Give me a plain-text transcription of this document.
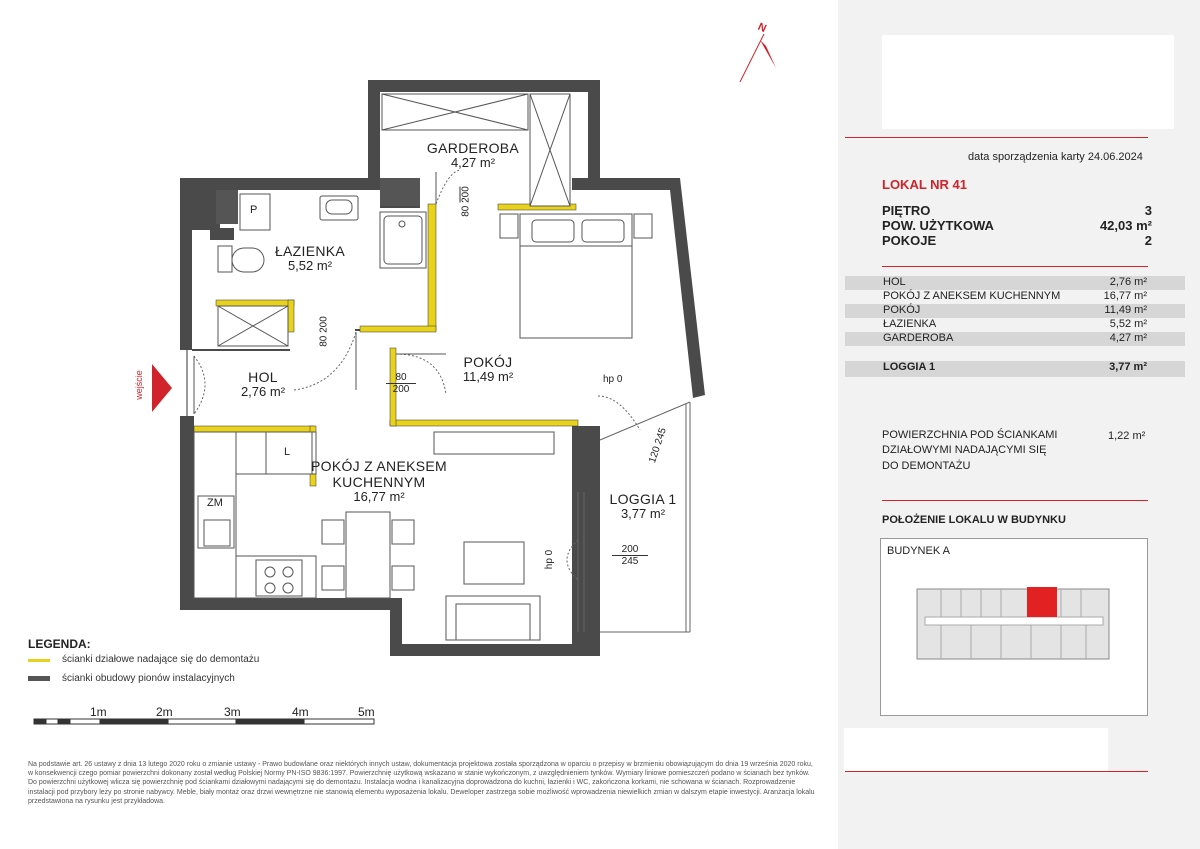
GARDEROBA
4,27 m²
ŁAZIENKA
5,52 m²
HOL
2,76 m²
POKÓJ
11,49 m²
POKÓJ Z ANEKSEM
KUCHENNYM
16,77 m²	LOGGIA 1
3,77 m²
P
L
ZM
N
wejście
80 200
80 200
80
200
hp 0
120 245
hp 0
200
245
LEGENDA:
ścianki działowe nadające się do demontażu
ścianki obudowy pionów instalacyjnych
1m	2m	3m	4m	5m
Na podstawie art. 26 ustawy z dnia 13 lutego 2020 roku o zmianie ustawy - Prawo budowlane oraz niektórych innych ustaw, dokumentacja projektowa została sporządzona w oparciu o przepisy w brzmieniu obowiązującym do dnia 19 września 2020 roku, w konsekwencji czego pomiar powierzchni dokonany został według Polskiej Normy PN-ISO 9836:1997. Powierzchnię użytkową wskazano w stanie wykończonym, z uwzględnieniem tynków. Wymiary liniowe pomieszczeń podano w ścianach bez tynków. Do powierzchni użytkowej wlicza się powierzchnię pod ściankami działowymi nadającymi się do demontażu. Instalacja wodna i kanalizacyjna doprowadzona do kuchni, łazienki i WC, zakończona korkami, nie schowana w ścianach. Rozprowadzenie instalacji pod przybory leży po stronie nabywcy. Meble, biały montaż oraz drzwi wewnętrzne nie stanowią elementu wyposażenia lokalu. Deweloper zastrzega sobie możliwość wprowadzenia niewielkich zmian w dalszym etapie inwestycji. Aranżacja lokalu przedstawiona na rysunku jest przykładowa.
data sporządzenia karty 24.06.2024
LOKAL NR 41
PIĘTRO	3
POW. UŻYTKOWA	42,03 m²
POKOJE	2
HOL	2,76 m²
POKÓJ Z ANEKSEM KUCHENNYM	16,77 m²
POKÓJ	11,49 m²
ŁAZIENKA	5,52 m²
GARDEROBA	4,27 m²
LOGGIA 1	3,77 m²
POWIERZCHNIA POD ŚCIANKAMI
DZIAŁOWYMI NADAJĄCYMI SIĘ
DO DEMONTAŻU
1,22 m²
POŁOŻENIE LOKALU W BUDYNKU
BUDYNEK A
